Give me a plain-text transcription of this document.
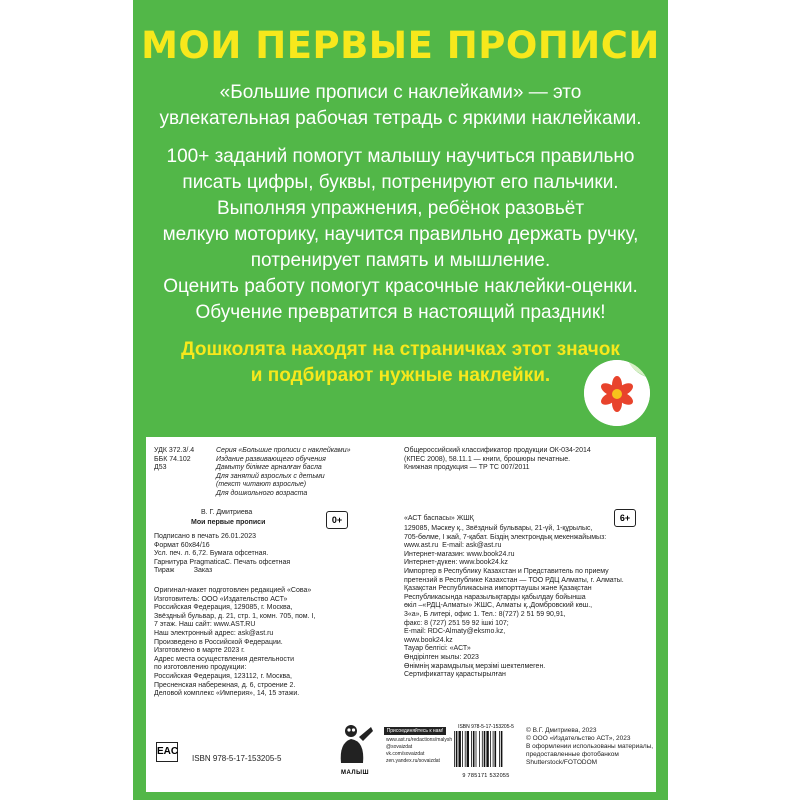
МОИ ПЕРВЫЕ ПРОПИСИ
«Большие прописи с наклейками» — это
увлекательная рабочая тетрадь с яркими наклейками.
100+ заданий помогут малышу научиться правильно
писать цифры, буквы, потренируют его пальчики.
Выполняя упражнения, ребёнок разовьёт
мелкую моторику, научится правильно держать ручку,
потренирует память и мышление.
Оценить работу помогут красочные наклейки-оценки.
Обучение превратится в настоящий праздник!
Дошколята находят на страничках этот значок
и подбирают нужные наклейки.
УДК 372.3/.4
ББК 74.102
Д53
Серия «Большие прописи с наклейками»
Издание развивающего обучения
Дамыту білімге арналған басла
Для занятий взрослых с детьми
(текст читают взрослые)
Для дошкольного возраста
В. Г. Дмитриева
Мои первые прописи	0+
Подписано в печать 26.01.2023
Формат 60x84/16
Усл. печ. л. 6,72. Бумага офсетная.
Гарнитура PragmaticaC. Печать офсетная
Тираж          Заказ
Оригинал-макет подготовлен редакцией «Сова»
Изготовитель: ООО «Издательство АСТ»
Российская Федерация, 129085, г. Москва,
Звёздный бульвар, д. 21, стр. 1, комн. 705, пом. I,
7 этаж. Наш сайт: www.AST.RU
Наш электронный адрес: ask@ast.ru
Произведено в Российской Федерации.
Изготовлено в марте 2023 г.
Адрес места осуществления деятельности
по изготовлению продукции:
Российская Федерация, 123112, г. Москва,
Пресненская набережная, д. 6, строение 2.
Деловой комплекс «Империя», 14, 15 этажи.
EAC
ISBN 978-5-17-153205-5
МАЛЫШ
Присоединяйтесь к нам!
www.ast.ru/redactions/malysh
@sovaizdat
vk.com/sovaizdat
zen.yandex.ru/sovaizdat
Общероссийский классификатор продукции ОК-034-2014
(КПЕС 2008), 58.11.1 — книги, брошюры печатные.
Книжная продукция — ТР ТС 007/2011
«АСТ баспасы» ЖШҚ	6+
129085, Мәскеу қ., Звёздный бульвары, 21-үй, 1-құрылыс,
705-бөлме, I жай, 7-қабат. Біздің электрондық мекенжайымыз:
www.ast.ru  E-mail: ask@ast.ru
Интернет-магазин: www.book24.ru
Интернет-дүкен: www.book24.kz
Импортер в Республику Казахстан и Представитель по приему
претензий в Республике Казахстан — ТОО РДЦ Алматы, г. Алматы.
Қазақстан Республикасына импорттаушы және Қазақстан
Республикасында наразылықтарды қабылдау бойынша
өкіл –«РДЦ-Алматы» ЖШС, Алматы қ.,Домбровский көш.,
3«а», Б литері, офис 1. Тел.: 8(727) 2 51 59 90,91,
факс: 8 (727) 251 59 92 ішкі 107;
E-mail: RDC-Almaty@eksmo.kz,
www.book24.kz
Тауар белгісі: «АСТ»
Өндірілген жылы: 2023
Өнімнің жарамдылық мерзімі шектелмеген.
Сертификаттау қарастырылған
ISBN 978-5-17-153205-5
9 785171 532055
© В.Г. Дмитриева, 2023
© ООО «Издательство АСТ», 2023
В оформлении использованы материалы,
предоставленные фотобанком
Shutterstock/FOTODOM
